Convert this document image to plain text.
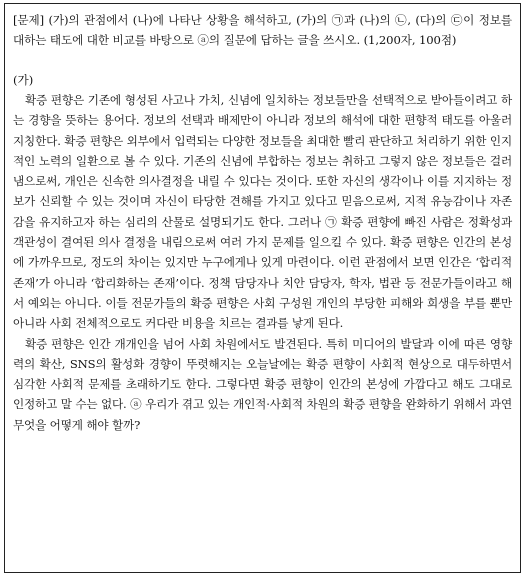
[문제] (가)의 관점에서 (나)에 나타난 상황을 해석하고, (가)의 ㉠과 (나)의 ㉡, (다)의 ㉢이 정보를 대하는 태도에 대한 비교를 바탕으로 ⓐ의 질문에 답하는 글을 쓰시오. (1,200자, 100점)
(가)

확증 편향은 기존에 형성된 사고나 가치, 신념에 일치하는 정보들만을 선택적으로 받아들이려고 하는 경향을 뜻하는 용어다. 정보의 선택과 배제만이 아니라 정보의 해석에 대한 편향적 태도를 아울러 지칭한다. 확증 편향은 외부에서 입력되는 다양한 정보들을 최대한 빨리 판단하고 처리하기 위한 인지적인 노력의 일환으로 볼 수 있다. 기존의 신념에 부합하는 정보는 취하고 그렇지 않은 정보들은 걸러냄으로써, 개인은 신속한 의사결정을 내릴 수 있다는 것이다. 또한 자신의 생각이나 이를 지지하는 정보가 신뢰할 수 있는 것이며 자신이 타당한 견해를 가지고 있다고 믿음으로써, 지적 유능감이나 자존감을 유지하고자 하는 심리의 산물로 설명되기도 한다. 그러나 ㉠ 확증 편향에 빠진 사람은 정확성과 객관성이 결여된 의사 결정을 내림으로써 여러 가지 문제를 일으킬 수 있다. 확증 편향은 인간의 본성에 가까우므로, 정도의 차이는 있지만 누구에게나 있게 마련이다. 이런 관점에서 보면 인간은 ‘합리적 존재’가 아니라 ‘합리화하는 존재’이다. 정책 담당자나 치안 담당자, 학자, 법관 등 전문가들이라고 해서 예외는 아니다. 이들 전문가들의 확증 편향은 사회 구성원 개인의 부당한 피해와 희생을 부를 뿐만 아니라 사회 전체적으로도 커다란 비용을 치르는 결과를 낳게 된다.

확증 편향은 인간 개개인을 넘어 사회 차원에서도 발견된다. 특히 미디어의 발달과 이에 따른 영향력의 확산, SNS의 활성화 경향이 뚜렷해지는 오늘날에는 확증 편향이 사회적 현상으로 대두하면서 심각한 사회적 문제를 초래하기도 한다. 그렇다면 확증 편향이 인간의 본성에 가깝다고 해도 그대로 인정하고 말 수는 없다. ⓐ 우리가 겪고 있는 개인적·사회적 차원의 확증 편향을 완화하기 위해서 과연 무엇을 어떻게 해야 할까?
